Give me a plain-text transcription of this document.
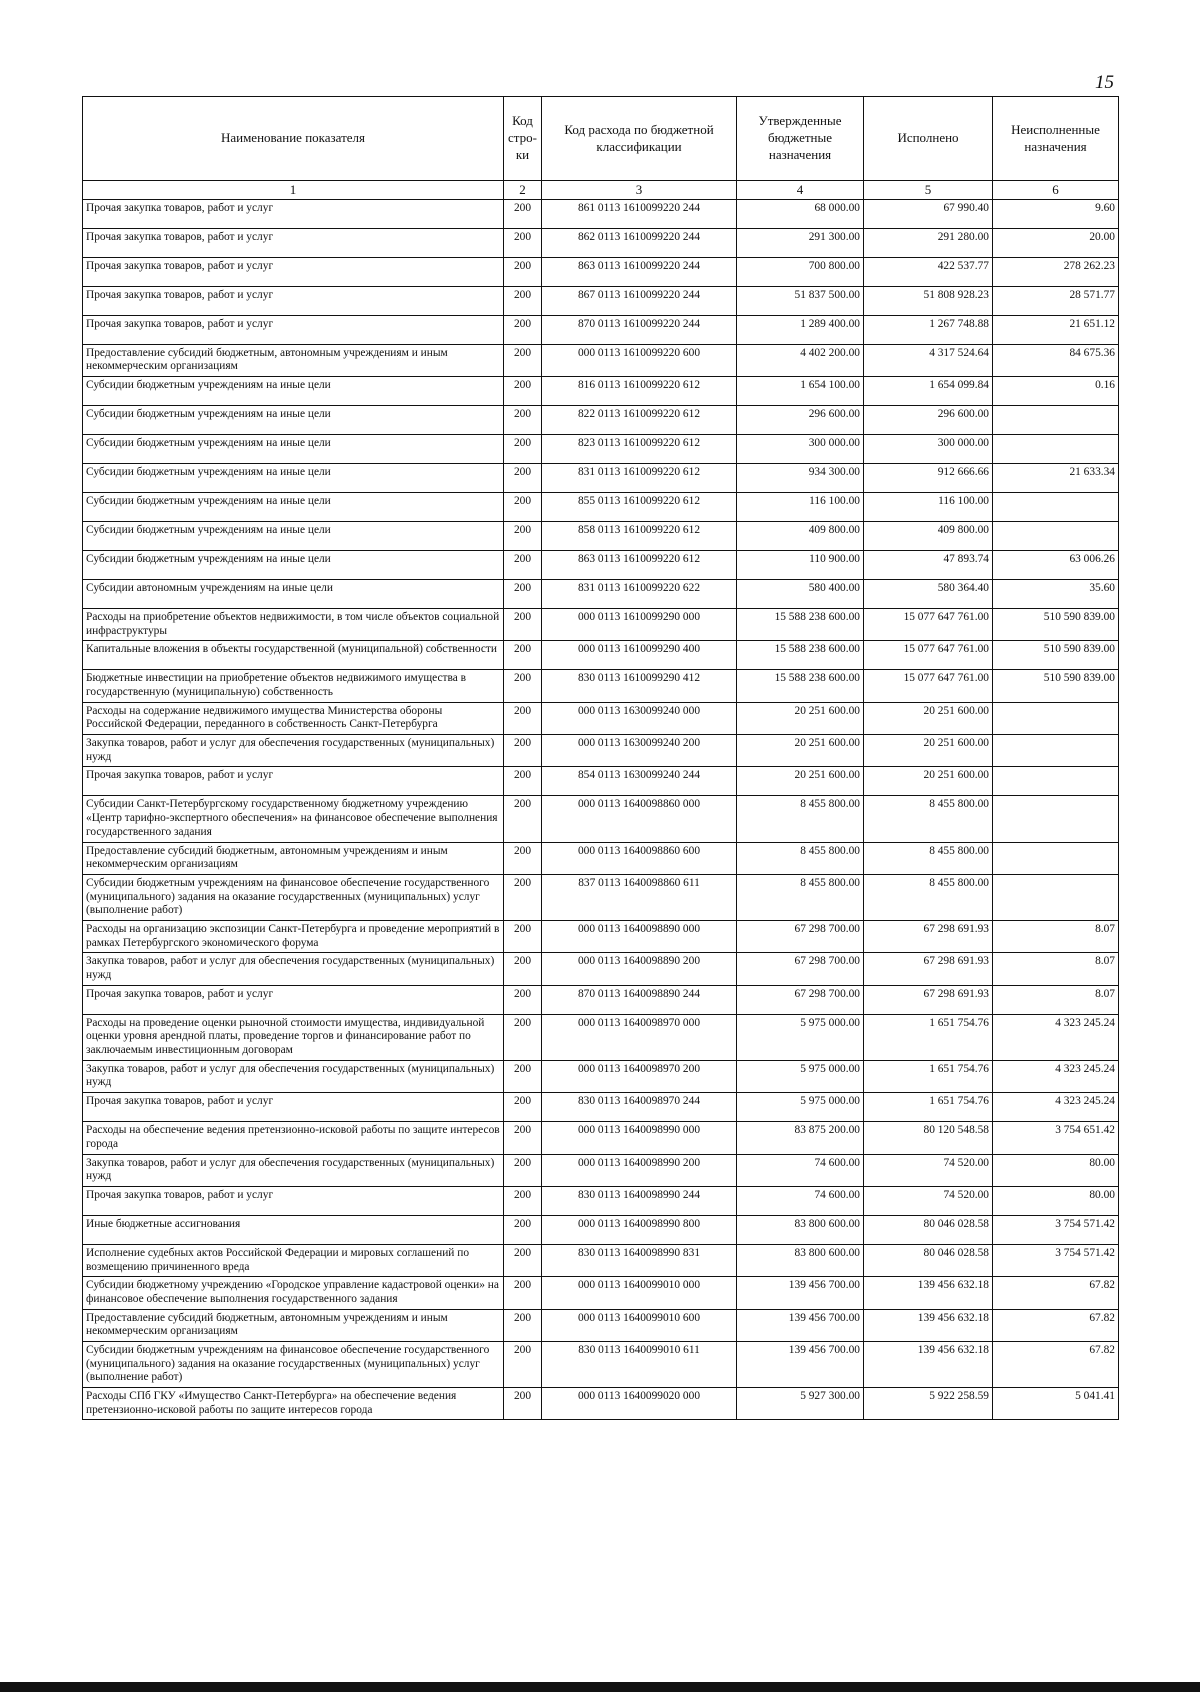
15
Наименование показателя	Код стро- ки	Код расхода по бюджетной классификации	Утвержденные бюджетные назначения	Исполнено	Неисполненные назначения
1	2	3	4	5	6
Прочая закупка товаров, работ и услуг	200	861 0113 1610099220 244	68 000.00	67 990.40	9.60
Прочая закупка товаров, работ и услуг	200	862 0113 1610099220 244	291 300.00	291 280.00	20.00
Прочая закупка товаров, работ и услуг	200	863 0113 1610099220 244	700 800.00	422 537.77	278 262.23
Прочая закупка товаров, работ и услуг	200	867 0113 1610099220 244	51 837 500.00	51 808 928.23	28 571.77
Прочая закупка товаров, работ и услуг	200	870 0113 1610099220 244	1 289 400.00	1 267 748.88	21 651.12
Предоставление субсидий бюджетным, автономным учреждениям и иным некоммерческим организациям	200	000 0113 1610099220 600	4 402 200.00	4 317 524.64	84 675.36
Субсидии бюджетным учреждениям на иные цели	200	816 0113 1610099220 612	1 654 100.00	1 654 099.84	0.16
Субсидии бюджетным учреждениям на иные цели	200	822 0113 1610099220 612	296 600.00	296 600.00	
Субсидии бюджетным учреждениям на иные цели	200	823 0113 1610099220 612	300 000.00	300 000.00	
Субсидии бюджетным учреждениям на иные цели	200	831 0113 1610099220 612	934 300.00	912 666.66	21 633.34
Субсидии бюджетным учреждениям на иные цели	200	855 0113 1610099220 612	116 100.00	116 100.00	
Субсидии бюджетным учреждениям на иные цели	200	858 0113 1610099220 612	409 800.00	409 800.00	
Субсидии бюджетным учреждениям на иные цели	200	863 0113 1610099220 612	110 900.00	47 893.74	63 006.26
Субсидии автономным учреждениям на иные цели	200	831 0113 1610099220 622	580 400.00	580 364.40	35.60
Расходы на приобретение объектов недвижимости, в том числе объектов социальной инфраструктуры	200	000 0113 1610099290 000	15 588 238 600.00	15 077 647 761.00	510 590 839.00
Капитальные вложения в объекты государственной (муниципальной) собственности	200	000 0113 1610099290 400	15 588 238 600.00	15 077 647 761.00	510 590 839.00
Бюджетные инвестиции на приобретение объектов недвижимого имущества в государственную (муниципальную) собственность	200	830 0113 1610099290 412	15 588 238 600.00	15 077 647 761.00	510 590 839.00
Расходы на содержание недвижимого имущества Министерства обороны Российской Федерации, переданного в собственность Санкт-Петербурга	200	000 0113 1630099240 000	20 251 600.00	20 251 600.00	
Закупка товаров, работ и услуг для обеспечения государственных (муниципальных) нужд	200	000 0113 1630099240 200	20 251 600.00	20 251 600.00	
Прочая закупка товаров, работ и услуг	200	854 0113 1630099240 244	20 251 600.00	20 251 600.00	
Субсидии Санкт-Петербургскому государственному бюджетному учреждению «Центр тарифно-экспертного обеспечения» на финансовое обеспечение выполнения государственного задания	200	000 0113 1640098860 000	8 455 800.00	8 455 800.00	
Предоставление субсидий бюджетным, автономным учреждениям и иным некоммерческим организациям	200	000 0113 1640098860 600	8 455 800.00	8 455 800.00	
Субсидии бюджетным учреждениям на финансовое обеспечение государственного (муниципального) задания на оказание государственных (муниципальных) услуг (выполнение работ)	200	837 0113 1640098860 611	8 455 800.00	8 455 800.00	
Расходы на организацию экспозиции Санкт-Петербурга и проведение мероприятий в рамках Петербургского экономического форума	200	000 0113 1640098890 000	67 298 700.00	67 298 691.93	8.07
Закупка товаров, работ и услуг для обеспечения государственных (муниципальных) нужд	200	000 0113 1640098890 200	67 298 700.00	67 298 691.93	8.07
Прочая закупка товаров, работ и услуг	200	870 0113 1640098890 244	67 298 700.00	67 298 691.93	8.07
Расходы на проведение оценки рыночной стоимости имущества, индивидуальной оценки уровня арендной платы, проведение торгов и финансирование работ по заключаемым инвестиционным договорам	200	000 0113 1640098970 000	5 975 000.00	1 651 754.76	4 323 245.24
Закупка товаров, работ и услуг для обеспечения государственных (муниципальных) нужд	200	000 0113 1640098970 200	5 975 000.00	1 651 754.76	4 323 245.24
Прочая закупка товаров, работ и услуг	200	830 0113 1640098970 244	5 975 000.00	1 651 754.76	4 323 245.24
Расходы на обеспечение ведения претензионно-исковой работы по защите интересов города	200	000 0113 1640098990 000	83 875 200.00	80 120 548.58	3 754 651.42
Закупка товаров, работ и услуг для обеспечения государственных (муниципальных) нужд	200	000 0113 1640098990 200	74 600.00	74 520.00	80.00
Прочая закупка товаров, работ и услуг	200	830 0113 1640098990 244	74 600.00	74 520.00	80.00
Иные бюджетные ассигнования	200	000 0113 1640098990 800	83 800 600.00	80 046 028.58	3 754 571.42
Исполнение судебных актов Российской Федерации и мировых соглашений по возмещению причиненного вреда	200	830 0113 1640098990 831	83 800 600.00	80 046 028.58	3 754 571.42
Субсидии бюджетному учреждению «Городское управление кадастровой оценки» на финансовое обеспечение выполнения государственного задания	200	000 0113 1640099010 000	139 456 700.00	139 456 632.18	67.82
Предоставление субсидий бюджетным, автономным учреждениям и иным некоммерческим организациям	200	000 0113 1640099010 600	139 456 700.00	139 456 632.18	67.82
Субсидии бюджетным учреждениям на финансовое обеспечение государственного (муниципального) задания на оказание государственных (муниципальных) услуг (выполнение работ)	200	830 0113 1640099010 611	139 456 700.00	139 456 632.18	67.82
Расходы СПб ГКУ «Имущество Санкт-Петербурга» на обеспечение ведения претензионно-исковой работы по защите интересов города	200	000 0113 1640099020 000	5 927 300.00	5 922 258.59	5 041.41
